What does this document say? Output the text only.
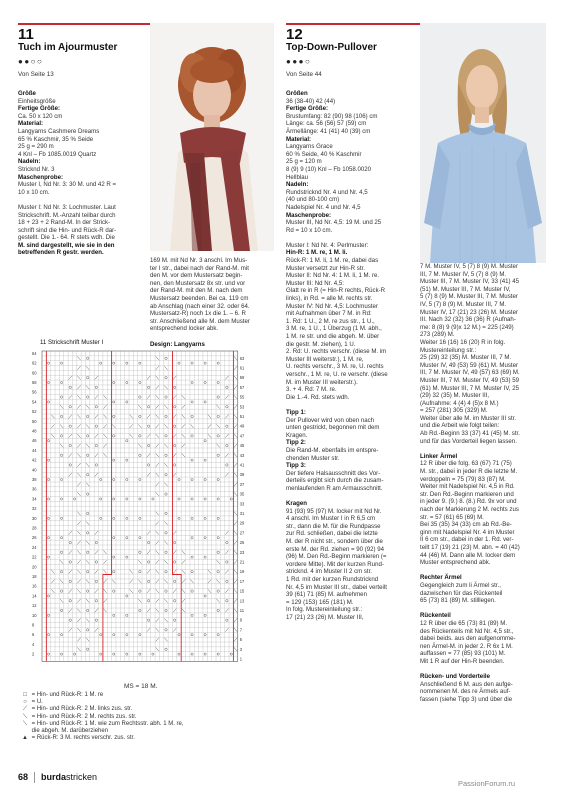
11
Tuch im Ajourmuster
●●○○
Von Seite 13
Größe
Einheitsgröße
Fertige Größe:
Ca. 50 x 120 cm
Material:
Langyarns Cashmere Dreams
65 % Kaschmir, 35 % Seide
25 g = 290 m
4 Knl – Fb 1085.0019 Quartz
Nadeln:
Stricknd Nr. 3
Maschenprobe:
Muster I, Nd Nr. 3: 30 M. und 42 R =
10 x 10 cm.

Muster I: Nd Nr. 3: Lochmuster. Laut
Strickschrift. M.-Anzahl teilbar durch
18 + 23 + 2 Rand-M. In der Strick-
schrift sind die Hin- und Rück-R dar-
gestellt. Die 1.- 64. R stets wdh. Die
M. sind dargestellt, wie sie in den
betreffenden R gestr. werden.
169 M. mit Nd Nr. 3 anschl. Im Mus-
ter I str., dabei nach der Rand-M. mit
den M. vor dem Mustersatz begin-
nen, den Mustersatz 8x str. und vor
der Rand-M. mit den M. nach dem
Mustersatz beenden. Bei ca. 119 cm
ab Anschlag (nach einer 32. oder 64.
Mustersatz-R) noch 1x die 1. – 6. R
str. Anschließend alle M. dem Muster
entsprechend locker abk.

Design: Langyarns
11 Strickschrift Muster I
1
2
3
4
5
6
7
8
9
10
11
12
13
14
15
16
17
18
19
20
21
22
23
24
25
26
27
28
29
30
31
32
33
34
35
36
37
38
39
40
41
42
43
44
45
46
47
48
49
50
51
52
53
54
55
56
57
58
59
60
61
62
63
64
MS = 18 M.
□ = Hin- und Rück-R: 1 M. re
○ = U.
⟋ = Hin- und Rück-R: 2 M. links zus. str.
⟍ = Hin- und Rück-R: 2 M. rechts zus. str.
⟍ = Hin- und Rück-R: 1 M. wie zum Rechtsstr. abh. 1 M. re,
die abgeh. M. darüberziehen
▲ = Rück-R: 3 M. rechts verschr. zus. str.
12
Top-Down-Pullover
●●●○
Von Seite 44
Größen
36 (38-40) 42 (44)
Fertige Größe:
Brustumfang: 82 (90) 98 (106) cm
Länge: ca. 56 (56) 57 (59) cm
Ärmellänge: 41 (41) 40 (39) cm
Material:
Langyarns Grace
60 % Seide, 40 % Kaschmir
25 g = 120 m
8 (9) 9 (10) Knl – Fb 1058.0020
Hellblau
Nadeln:
Rundstricknd Nr. 4 und Nr. 4,5
(40 und 80-100 cm)
Nadelspiel Nr. 4 und Nr. 4,5
Maschenprobe:
Muster III, Nd Nr. 4,5: 19 M. und 25
Rd = 10 x 10 cm.

Muster I: Nd Nr. 4: Perlmuster:
Hin-R: 1 M. re, 1 M. li.
Rück-R: 1 M. li, 1 M. re, dabei das
Muster versetzt zur Hin-R str.
Muster II: Nd Nr. 4: 1 M. li, 1 M. re.
Muster III: Nd Nr. 4,5:
Glatt re in R (= Hin-R rechts, Rück-R
links), in Rd. = alle M. rechts str.
Muster IV: Nd Nr. 4,5: Lochmuster
mit Aufnahmen über 7 M. in Rd:
1. Rd: 1 U., 2 M. re zus str., 1 U.,
3 M. re, 1 U., 1 Überzug (1 M. abh.,
1 M. re str. und die abgeh. M. über
die gestr. M. ziehen), 1 U.
2. Rd: U. rechts verschr. (diese M. im
Muster III weiterstr.), 1 M. re,
U. rechts verschr., 3 M. re, U. rechts
verschr., 1 M. re, U. re verschr. (diese
M. im Muster III weiterstr.).
3. + 4. Rd: 7 M. re.
Die 1.-4. Rd. stets wdh.

Tipp 1:
Der Pullover wird von oben nach
unten gestrickt, begonnen mit dem
Kragen.
Tipp 2:
Die Rand-M. ebenfalls im entspre-
chenden Muster str.
Tipp 3:
Der tiefere Halsausschnitt des Vor-
derteils ergibt sich durch die zusam-
menlaufenden R am Armausschnitt.

Kragen
91 (93) 95 (97) M. locker mit Nd Nr.
4 anschl. Im Muster I in R 6,5 cm
str., dann die M. für die Rundpasse
zur Rd. schließen, dabei die letzte
M. der R nicht str., sondern über die
erste M. der Rd. ziehen = 90 (92) 94
(96) M. Den Rd.-Beginn markieren (=
vordere Mitte). Mit der kurzen Rund-
stricknd. 4 im Muster II 2 cm str.
1 Rd. mit der kurzen Rundstricknd
Nr. 4,5 im Muster III str., dabei verteilt
39 (61) 71 (85) M. aufnehmen
= 129 (153) 165 (181) M.
In folg. Mustereinteilung str.:
17 (21) 23 (26) M. Muster III,
7 M. Muster IV, 5 (7) 8 (9) M. Muster
III, 7 M. Muster IV, 5 (7) 8 (9) M.
Muster III, 7 M. Muster IV, 33 (41) 45
(51) M. Muster III, 7 M. Muster IV,
5 (7) 8 (9) M. Muster III, 7 M. Muster
IV, 5 (7) 8 (9) M. Muster III, 7 M.
Muster IV, 17 (21) 23 (26) M. Muster
III. Nach 32 (32) 36 (36) R (Aufnah-
me: 8 (8) 9 (9)x 12 M.) = 225 (249)
273 (289) M.
Weiter 16 (16) 16 (20) R in folg.
Mustereinteilung str.:
25 (29) 32 (35) M. Muster III, 7 M.
Muster IV, 49 (53) 59 (61) M. Muster
III, 7 M. Muster IV, 49 (57) 63 (69) M.
Muster III, 7 M. Muster IV, 49 (53) 59
(61) M. Muster III, 7 M. Muster IV, 25
(29) 32 (35) M. Muster III,
(Aufnahme: 4 (4) 4 (5)x 8 M.)
= 257 (281) 305 (329) M.
Weiter über alle M. im Muster III str.
und die Arbeit wie folgt teilen:
Ab Rd.-Beginn 33 (37) 41 (45) M. str.
und für das Vorderteil liegen lassen.

Linker Ärmel
12 R über die folg. 63 (67) 71 (75)
M. str., dabei in jeder R die letzte M.
verdoppeln = 75 (79) 83 (87) M.
Weiter mit Nadelspiel Nr. 4,5 in Rd.
str. Den Rd.-Beginn markieren und
in jeder 9. (9.) 8. (8.) Rd. 9x vor und
nach der Markierung 2 M. rechts zus
str. = 57 (61) 65 (69) M.
Bei 35 (35) 34 (33) cm ab Rd.-Be-
ginn mit Nadelspiel Nr. 4 im Muster
II 6 cm str., dabei in der 1. Rd. ver-
teilt 17 (19) 21 (23) M. abn. = 40 (42)
44 (46) M. Dann alle M. locker dem
Muster entsprechend abk.

Rechter Ärmel
Gegengleich zum li Ärmel str.,
dazwischen für das Rückenteil
65 (73) 81 (89) M. stilllegen.

Rückenteil
12 R über die 65 (73) 81 (89) M.
des Rückenteils mit Nd Nr. 4,5 str.,
dabei beids. aus den aufgenomme-
nen Ärmel-M. in jeder 2. R 6x 1 M.
auffassen = 77 (85) 93 (101) M.
Mit 1 R auf der Hin-R beenden.

Rücken- und Vorderteile
Anschließend 6 M. aus den aufge-
nommenen M. des re Ärmels auf-
fassen (siehe Tipp 3) und über die
68 burdastricken
PassionForum.ru
